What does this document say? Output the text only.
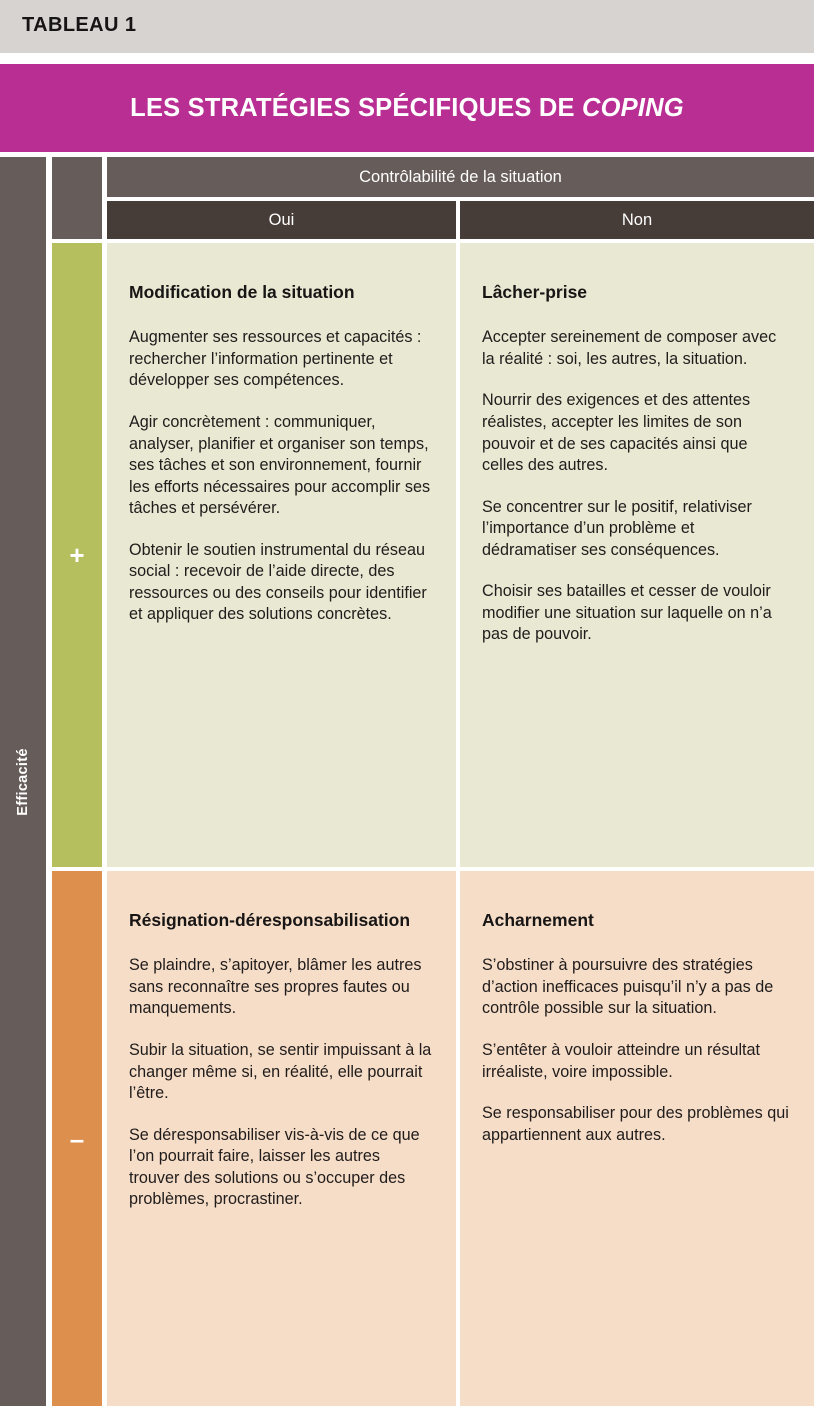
TABLEAU 1
LES STRATÉGIES SPÉCIFIQUES DE COPING
Efficacité
+
–
Contrôlabilité de la situation
Oui	Non

Modification de la situation

Augmenter ses ressources et capacités : rechercher l’information pertinente et développer ses compétences.

Agir concrètement : communiquer, analyser, planifier et organiser son temps, ses tâches et son environnement, fournir les efforts nécessaires pour accomplir ses tâches et persévérer.

Obtenir le soutien instrumental du réseau social : recevoir de l’aide directe, des ressources ou des conseils pour identifier et appliquer des solutions concrètes.

Lâcher-prise

Accepter sereinement de composer avec la réalité : soi, les autres, la situation.

Nourrir des exigences et des attentes réalistes, accepter les limites de son pouvoir et de ses capacités ainsi que celles des autres.

Se concentrer sur le positif, relativiser l’importance d’un problème et dédramatiser ses conséquences.

Choisir ses batailles et cesser de vouloir modifier une situation sur laquelle on n’a pas de pouvoir.

Résignation-déresponsabilisation

Se plaindre, s’apitoyer, blâmer les autres sans reconnaître ses propres fautes ou manquements.

Subir la situation, se sentir impuissant à la changer même si, en réalité, elle pourrait l’être.

Se déresponsabiliser vis-à-vis de ce que l’on pourrait faire, laisser les autres trouver des solutions ou s’occuper des problèmes, procrastiner.

Acharnement

S’obstiner à poursuivre des stratégies d’action inefficaces puisqu’il n’y a pas de contrôle possible sur la situation.

S’entêter à vouloir atteindre un résultat irréaliste, voire impossible.

Se responsabiliser pour des problèmes qui appartiennent aux autres.
